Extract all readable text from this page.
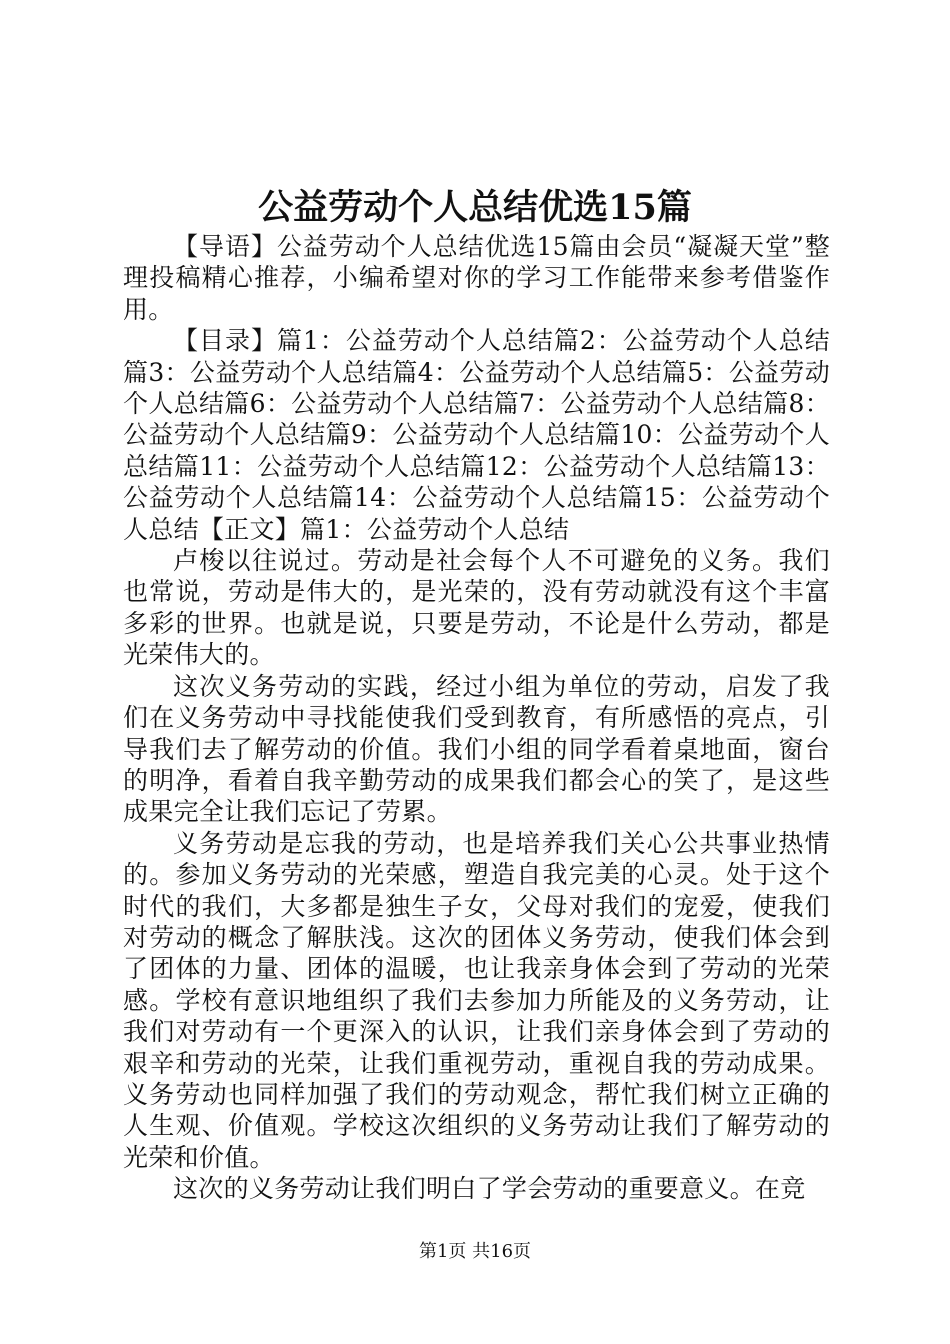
公益劳动个人总结优选15篇

【导语】公益劳动个人总结优选15篇由会员“凝凝天堂”整理投稿精心推荐，小编希望对你的学习工作能带来参考借鉴作用。

【目录】篇1：公益劳动个人总结篇2：公益劳动个人总结篇3：公益劳动个人总结篇4：公益劳动个人总结篇5：公益劳动个人总结篇6：公益劳动个人总结篇7：公益劳动个人总结篇8：公益劳动个人总结篇9：公益劳动个人总结篇10：公益劳动个人总结篇11：公益劳动个人总结篇12：公益劳动个人总结篇13：公益劳动个人总结篇14：公益劳动个人总结篇15：公益劳动个人总结【正文】篇1：公益劳动个人总结

卢梭以往说过。劳动是社会每个人不可避免的义务。我们也常说，劳动是伟大的，是光荣的，没有劳动就没有这个丰富多彩的世界。也就是说，只要是劳动，不论是什么劳动，都是光荣伟大的。

这次义务劳动的实践，经过小组为单位的劳动，启发了我们在义务劳动中寻找能使我们受到教育，有所感悟的亮点，引导我们去了解劳动的价值。我们小组的同学看着桌地面，窗台的明净，看着自我辛勤劳动的成果我们都会心的笑了，是这些成果完全让我们忘记了劳累。

义务劳动是忘我的劳动，也是培养我们关心公共事业热情的。参加义务劳动的光荣感，塑造自我完美的心灵。处于这个时代的我们，大多都是独生子女，父母对我们的宠爱，使我们对劳动的概念了解肤浅。这次的团体义务劳动，使我们体会到了团体的力量、团体的温暖，也让我亲身体会到了劳动的光荣感。学校有意识地组织了我们去参加力所能及的义务劳动，让我们对劳动有一个更深入的认识，让我们亲身体会到了劳动的艰辛和劳动的光荣，让我们重视劳动，重视自我的劳动成果。义务劳动也同样加强了我们的劳动观念，帮忙我们树立正确的人生观、价值观。学校这次组织的义务劳动让我们了解劳动的光荣和价值。

这次的义务劳动让我们明白了学会劳动的重要意义。在竞

第1页 共16页
